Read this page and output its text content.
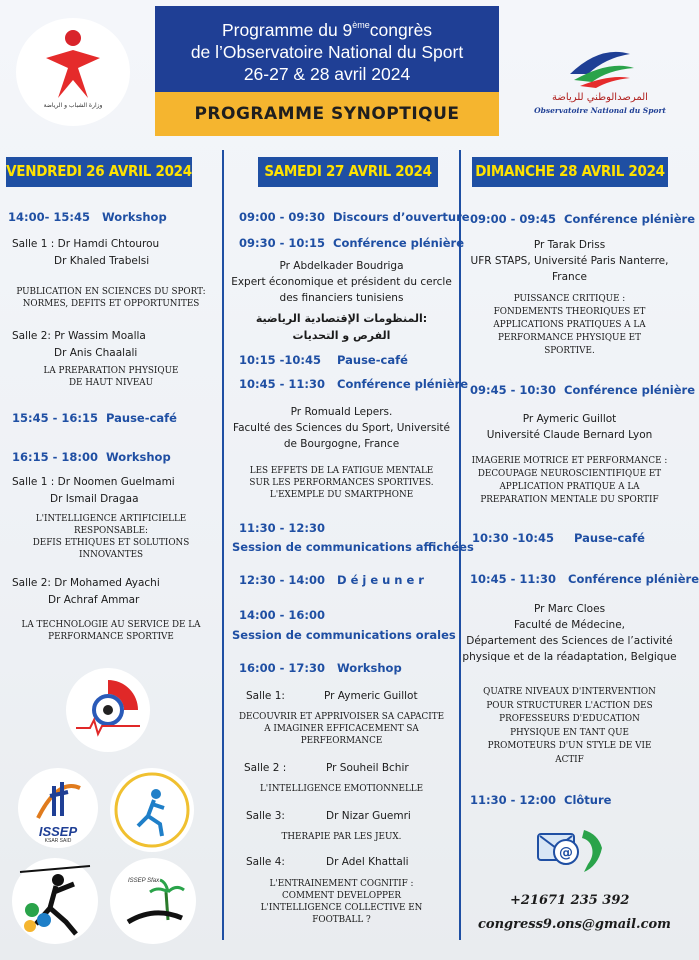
وزارة الشباب و الرياضة
Programme du 9èmecongrès
de l’Observatoire National du Sport
26-27 & 28 avril 2024
PROGRAMME SYNOPTIQUE
المرصدالوطني للرياضة
Observatoire National du Sport
VENDREDI 26 AVRIL 2024	SAMEDI 27 AVRIL 2024	DIMANCHE 28 AVRIL 2024
14:00- 15:45 Workshop
Salle 1 : Dr Hamdi Chtourou
Dr Khaled Trabelsi
PUBLICATION EN SCIENCES DU SPORT:
NORMES, DEFITS ET OPPORTUNITES
Salle 2: Pr Wassim Moalla
Dr Anis Chaalali
LA PREPARATION PHYSIQUE
DE HAUT NIVEAU
15:45 - 16:15 Pause-café
16:15 - 18:00 Workshop
Salle 1 : Dr Noomen Guelmami
Dr Ismail Dragaa
L'INTELLIGENCE ARTIFICIELLE
RESPONSABLE:
DEFIS ETHIQUES ET SOLUTIONS
INNOVANTES
Salle 2: Dr Mohamed Ayachi
Dr Achraf Ammar
LA TECHNOLOGIE AU SERVICE DE LA
PERFORMANCE SPORTIVE
ISSEP
KSAR SAID
ISSEP Sfax
09:00 - 09:30 Discours d’ouverture
09:30 - 10:15 Conférence plénière
Pr Abdelkader Boudriga
Expert économique et président du cercle
des financiers tunisiens
المنظومات الإقتصادية الرياضية:
الفرص و التحديات
10:15 -10:45 Pause-café
10:45 - 11:30 Conférence plénière
Pr Romuald Lepers.
Faculté des Sciences du Sport, Université
de Bourgogne, France
LES EFFETS DE LA FATIGUE MENTALE
SUR LES PERFORMANCES SPORTIVES.
L'EXEMPLE DU SMARTPHONE
11:30 - 12:30
Session de communications affichées
12:30 - 14:00 D é j e u n e r
14:00 - 16:00
Session de communications orales
16:00 - 17:30 Workshop
Salle 1:	Pr Aymeric Guillot
DECOUVRIR ET APPRIVOISER SA CAPACITE
A IMAGINER EFFICACEMENT SA
PERFEORMANCE
Salle 2 :	Pr Souheil Bchir
L'INTELLIGENCE EMOTIONNELLE
Salle 3:	Dr Nizar Guemri
THERAPIE PAR LES JEUX.
Salle 4:	Dr Adel Khattali
L'ENTRAINEMENT COGNITIF :
COMMENT DEVELOPPER
L'INTELLIGENCE COLLECTIVE EN
FOOTBALL ?
09:00 - 09:45 Conférence plénière
Pr Tarak Driss
UFR STAPS, Université Paris Nanterre,
France
PUISSANCE CRITIQUE :
FONDEMENTS THEORIQUES ET
APPLICATIONS PRATIQUES A LA
PERFORMANCE PHYSIQUE ET
SPORTIVE.
09:45 - 10:30 Conférence plénière
Pr Aymeric Guillot
Université Claude Bernard Lyon
IMAGERIE MOTRICE ET PERFORMANCE :
DECOUPAGE NEUROSCIENTIFIQUE ET
APPLICATION PRATIQUE A LA
PREPARATION MENTALE DU SPORTIF
10:30 -10:45 Pause-café
10:45 - 11:30 Conférence plénière
Pr Marc Cloes
Faculté de Médecine,
Département des Sciences de l’activité
physique et de la réadaptation, Belgique
QUATRE NIVEAUX D'INTERVENTION
POUR STRUCTURER L'ACTION DES
PROFESSEURS D'EDUCATION
PHYSIQUE EN TANT QUE
PROMOTEURS D'UN STYLE DE VIE
ACTIF
11:30 - 12:00 Clôture
@
+21671 235 392
congress9.ons@gmail.com
